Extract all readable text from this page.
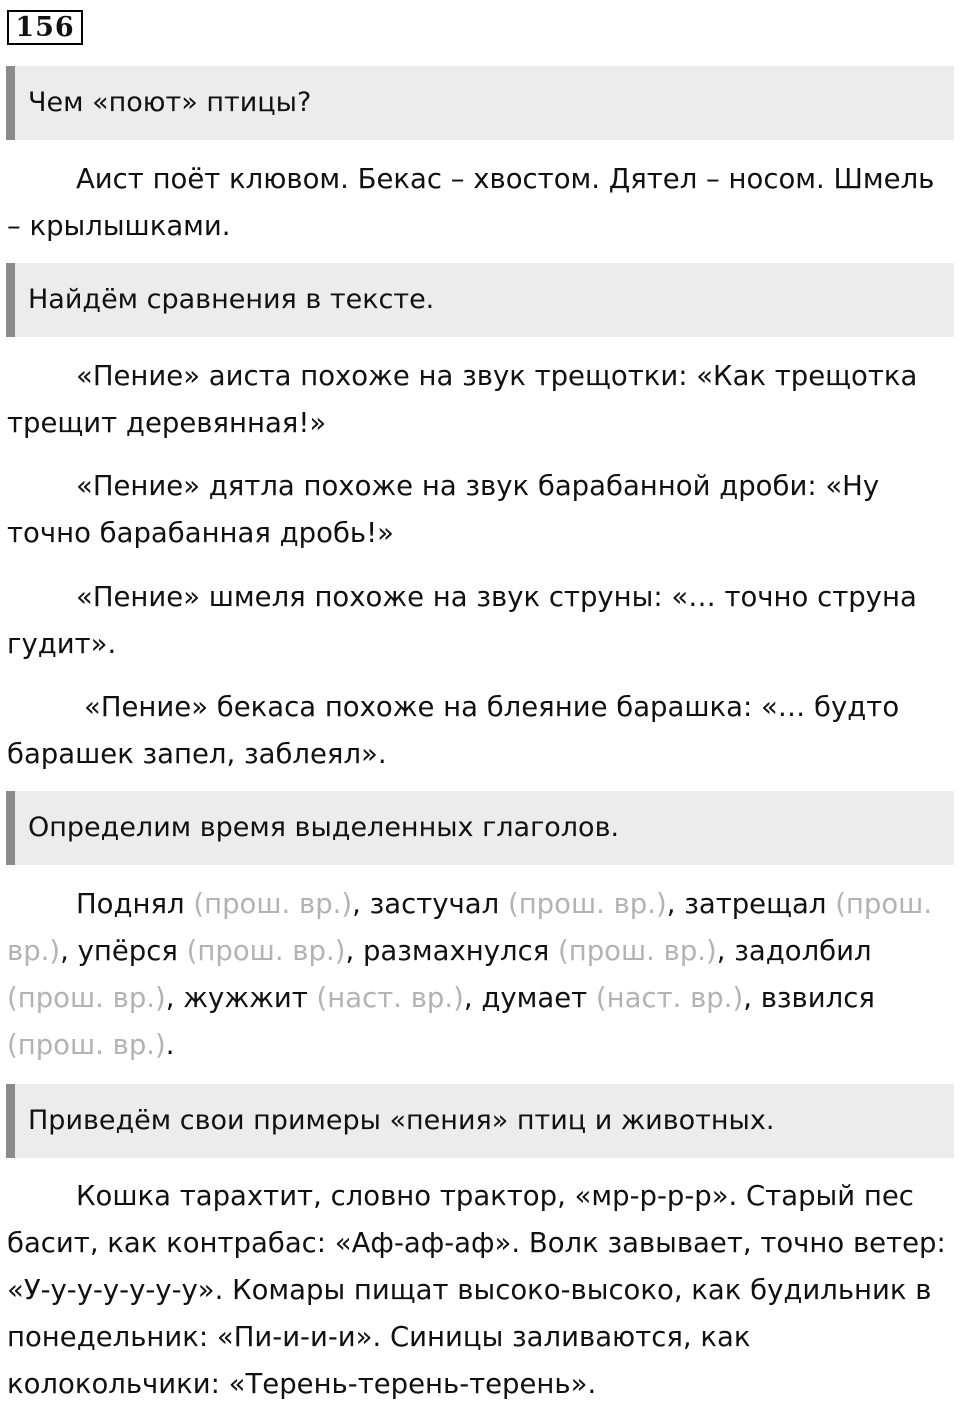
156
Чем «поют» птицы?

Аист поёт клювом. Бекас – хвостом. Дятел – носом. Шмель – крылышками.

Найдём сравнения в тексте.

«Пение» аиста похоже на звук трещотки: «Как трещотка трещит деревянная!»

«Пение» дятла похоже на звук барабанной дроби: «Ну точно барабанная дробь!»

«Пение» шмеля похоже на звук струны: «… точно струна гудит».

«Пение» бекаса похоже на блеяние барашка: «… будто барашек запел, заблеял».

Определим время выделенных глаголов.

Поднял (прош. вр.), застучал (прош. вр.), затрещал (прош. вр.), упёрся (прош. вр.), размахнулся (прош. вр.), задолбил (прош. вр.), жужжит (наст. вр.), думает (наст. вр.), взвился (прош. вр.).

Приведём свои примеры «пения» птиц и животных.

Кошка тарахтит, словно трактор, «мр-р-р-р». Старый пес басит, как контрабас: «Аф-аф-аф». Волк завывает, точно ветер: «У-у-у-у-у-у-у». Комары пищат высоко-высоко, как будильник в понедельник: «Пи-и-и-и». Синицы заливаются, как колокольчики: «Терень-терень-терень».
